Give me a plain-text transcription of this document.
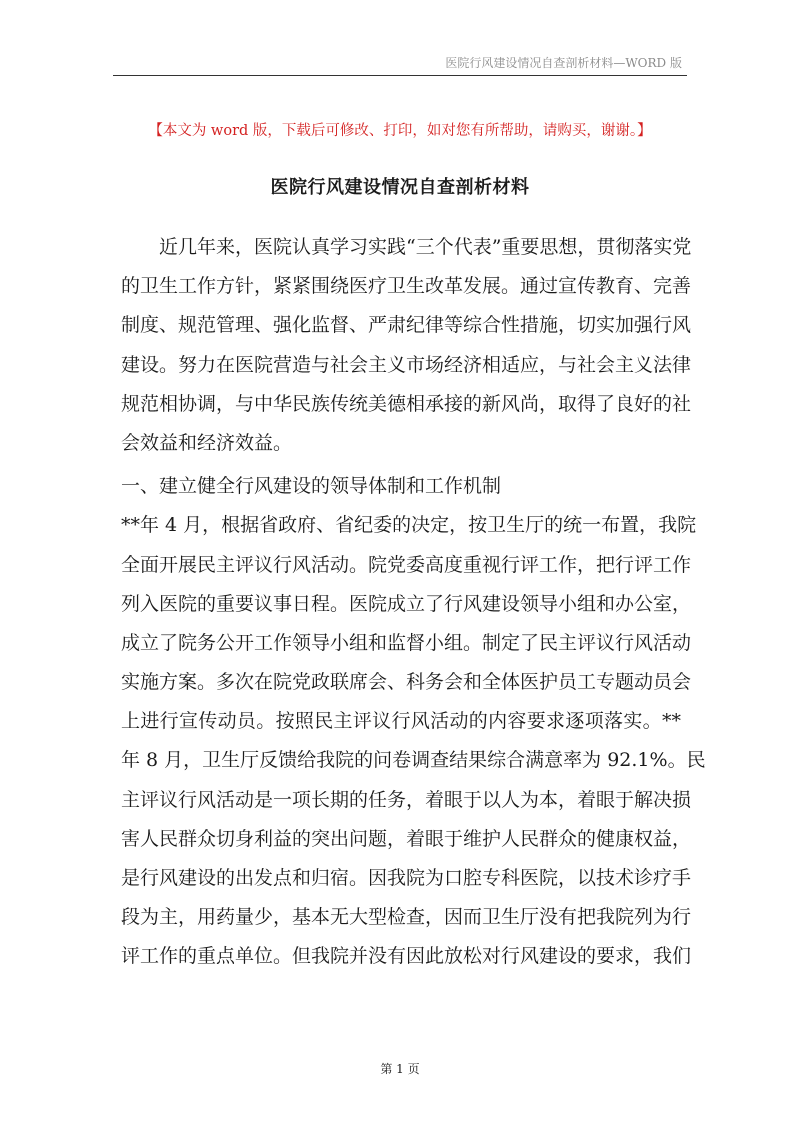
医院行风建设情况自查剖析材料—WORD 版
【本文为 word 版，下载后可修改、打印，如对您有所帮助，请购买，谢谢。】
医院行风建设情况自查剖析材料
近几年来，医院认真学习实践“三个代表”重要思想，贯彻落实党
的卫生工作方针，紧紧围绕医疗卫生改革发展。通过宣传教育、完善
制度、规范管理、强化监督、严肃纪律等综合性措施，切实加强行风
建设。努力在医院营造与社会主义市场经济相适应，与社会主义法律
规范相协调，与中华民族传统美德相承接的新风尚，取得了良好的社
会效益和经济效益。
一、建立健全行风建设的领导体制和工作机制
**年 4 月，根据省政府、省纪委的决定，按卫生厅的统一布置，我院
全面开展民主评议行风活动。院党委高度重视行评工作，把行评工作
列入医院的重要议事日程。医院成立了行风建设领导小组和办公室，
成立了院务公开工作领导小组和监督小组。制定了民主评议行风活动
实施方案。多次在院党政联席会、科务会和全体医护员工专题动员会
上进行宣传动员。按照民主评议行风活动的内容要求逐项落实。**
年 8 月，卫生厅反馈给我院的问卷调查结果综合满意率为 92.1%。民
主评议行风活动是一项长期的任务，着眼于以人为本，着眼于解决损
害人民群众切身利益的突出问题，着眼于维护人民群众的健康权益，
是行风建设的出发点和归宿。因我院为口腔专科医院，以技术诊疗手
段为主，用药量少，基本无大型检查，因而卫生厅没有把我院列为行
评工作的重点单位。但我院并没有因此放松对行风建设的要求，我们
第 1 页
